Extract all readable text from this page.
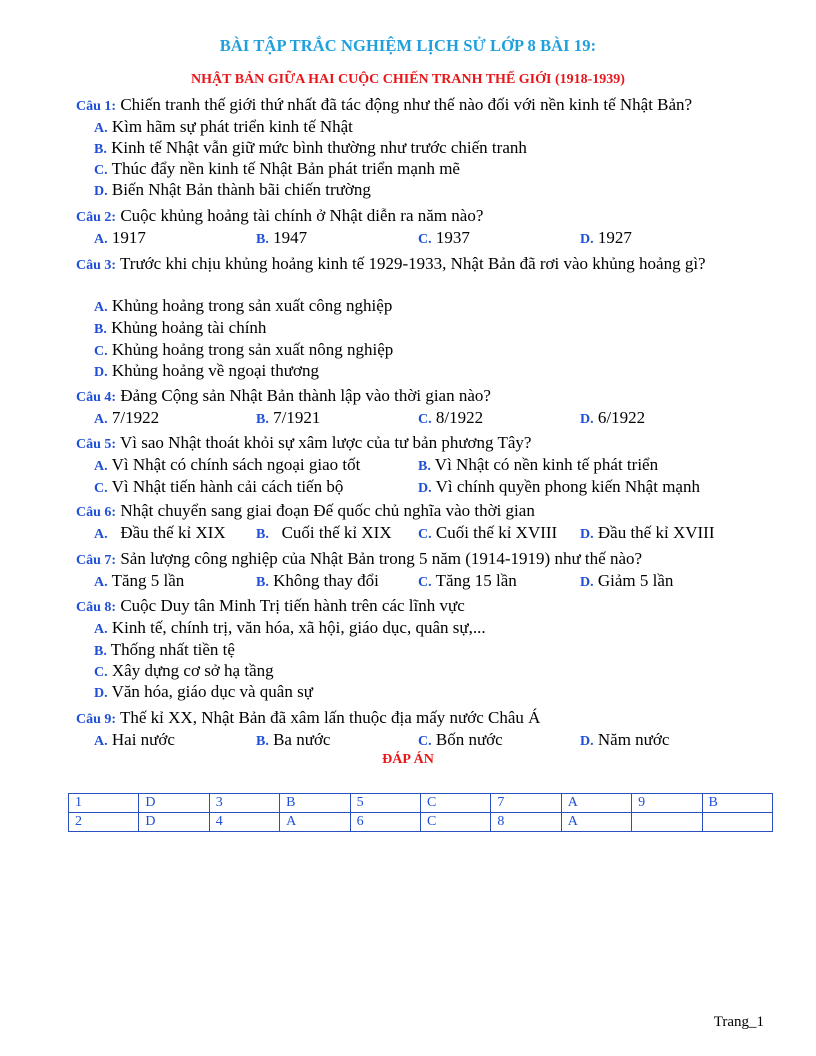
BÀI TẬP TRẮC NGHIỆM LỊCH SỬ LỚP 8 BÀI 19:
NHẬT BẢN GIỮA HAI CUỘC CHIẾN TRANH THẾ GIỚI (1918-1939)
Câu 1: Chiến tranh thế giới thứ nhất đã tác động như thế nào đối với nền kinh tế Nhật Bản?
A. Kìm hãm sự phát triển kinh tế Nhật
B. Kinh tế Nhật vẫn giữ mức bình thường như trước chiến tranh
C. Thúc đẩy nền kinh tế Nhật Bản phát triển mạnh mẽ
D. Biến Nhật Bản thành bãi chiến trường
Câu 2: Cuộc khủng hoảng tài chính ở Nhật diễn ra năm nào?
A. 1917	B. 1947	C. 1937	D. 1927
Câu 3: Trước khi chịu khủng hoảng kinh tế 1929-1933, Nhật Bản đã rơi vào khủng hoảng gì?
A. Khủng hoảng trong sản xuất công nghiệp
B. Khủng hoảng tài chính
C. Khủng hoảng trong sản xuất nông nghiệp
D. Khủng hoảng về ngoại thương
Câu 4: Đảng Cộng sản Nhật Bản thành lập vào thời gian nào?
A. 7/1922	B. 7/1921	C. 8/1922	D. 6/1922
Câu 5: Vì sao Nhật thoát khỏi sự xâm lược của tư bản phương Tây?
A. Vì Nhật có chính sách ngoại giao tốt	B. Vì Nhật có nền kinh tế phát triển
C. Vì Nhật tiến hành cải cách tiến bộ	D. Vì chính quyền phong kiến Nhật mạnh
Câu 6: Nhật chuyển sang giai đoạn Đế quốc chủ nghĩa vào thời gian
A.   Đầu thế kỉ XIX B.   Cuối thế kỉ XIX C. Cuối thế kỉ XVIII D. Đầu thế kỉ XVIII
Câu 7: Sản lượng công nghiệp của Nhật Bản trong 5 năm (1914-1919) như thế nào?
A. Tăng 5 lần	B. Không thay đổi	C. Tăng 15 lần	D. Giảm 5 lần
Câu 8: Cuộc Duy tân Minh Trị tiến hành trên các lĩnh vực
A. Kinh tế, chính trị, văn hóa, xã hội, giáo dục, quân sự,...
B. Thống nhất tiền tệ
C. Xây dựng cơ sở hạ tầng
D. Văn hóa, giáo dục và quân sự
Câu 9: Thế kỉ XX, Nhật Bản đã xâm lấn thuộc địa mấy nước Châu Á
A. Hai nước	B. Ba nước	C. Bốn nước	D. Năm nước
ĐÁP ÁN
1	D	3	B	5	C	7	A	9	B
2	D	4	A	6	C	8	A		
Trang_1
